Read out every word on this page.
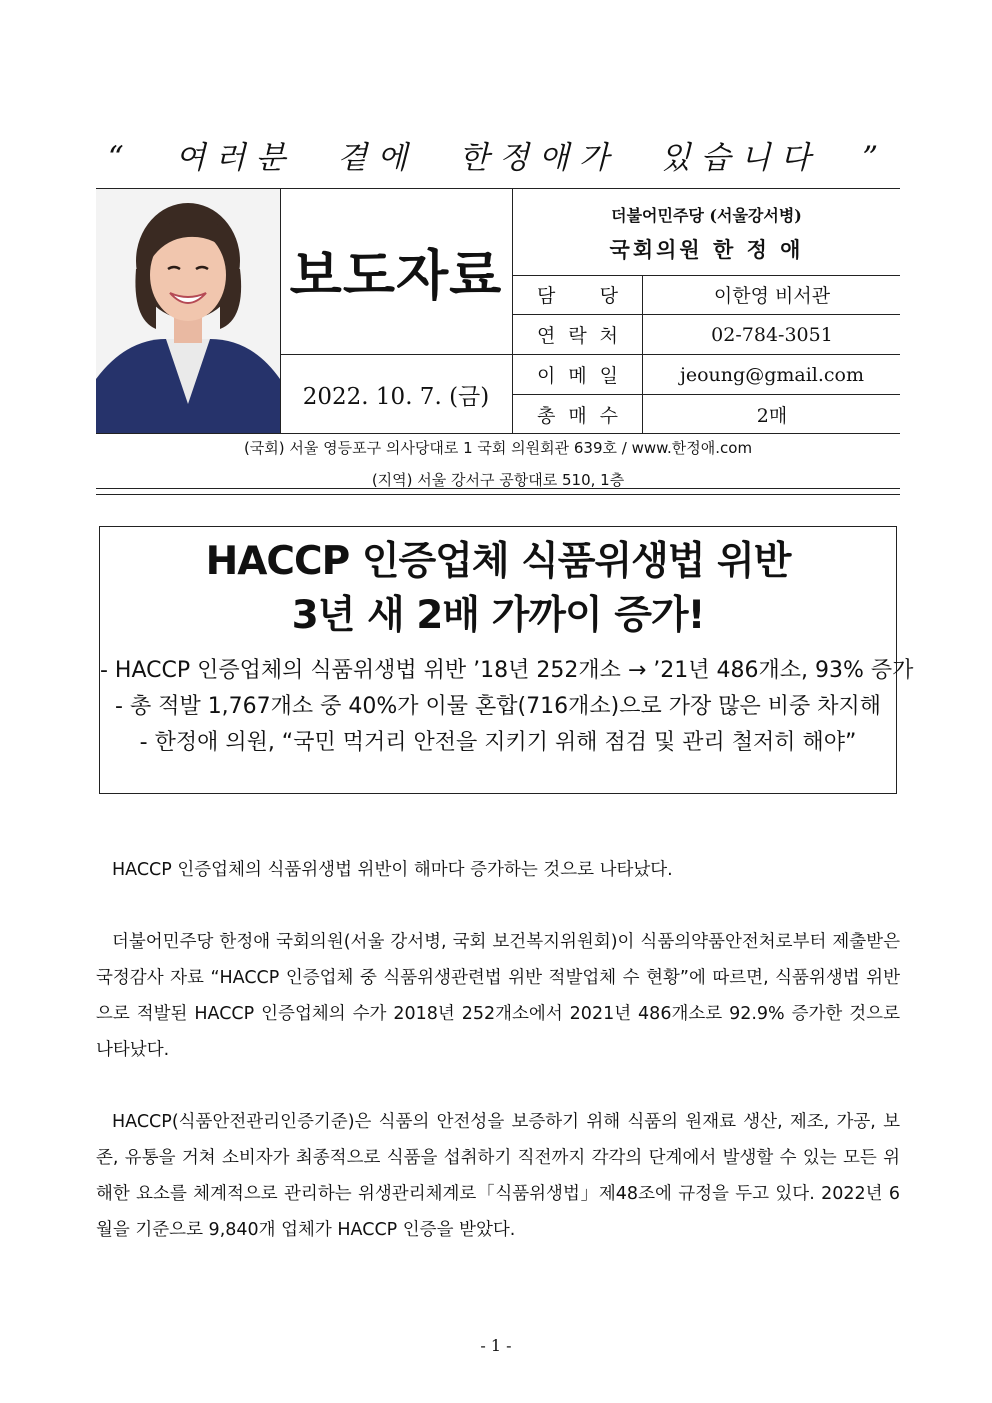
“ 여러분 곁에 한정애가 있습니다 ”
보도자료
2022. 10. 7. (금)
더불어민주당 (서울강서병)
국회의원 한 정 애
담 당	이한영 비서관
연 락 처	02-784-3051
이 메 일	jeoung@gmail.com
총 매 수	2매
(국회) 서울 영등포구 의사당대로 1 국회 의원회관 639호 / www.한정애.com
(지역) 서울 강서구 공항대로 510, 1층
HACCP 인증업체 식품위생법 위반
3년 새 2배 가까이 증가!
- HACCP 인증업체의 식품위생법 위반 ’18년 252개소 → ’21년 486개소, 93% 증가
- 총 적발 1,767개소 중 40%가 이물 혼합(716개소)으로 가장 많은 비중 차지해
- 한정애 의원, “국민 먹거리 안전을 지키기 위해 점검 및 관리 철저히 해야”
HACCP 인증업체의 식품위생법 위반이 해마다 증가하는 것으로 나타났다.
더불어민주당 한정애 국회의원(서울 강서병, 국회 보건복지위원회)이 식품의약품안전처로부터 제출받은 국정감사 자료 “HACCP 인증업체 중 식품위생관련법 위반 적발업체 수 현황”에 따르면, 식품위생법 위반으로 적발된 HACCP 인증업체의 수가 2018년 252개소에서 2021년 486개소로 92.9% 증가한 것으로 나타났다.
HACCP(식품안전관리인증기준)은 식품의 안전성을 보증하기 위해 식품의 원재료 생산, 제조, 가공, 보존, 유통을 거쳐 소비자가 최종적으로 식품을 섭취하기 직전까지 각각의 단계에서 발생할 수 있는 모든 위해한 요소를 체계적으로 관리하는 위생관리체계로「식품위생법」제48조에 규정을 두고 있다. 2022년 6월을 기준으로 9,840개 업체가 HACCP 인증을 받았다.
- 1 -
